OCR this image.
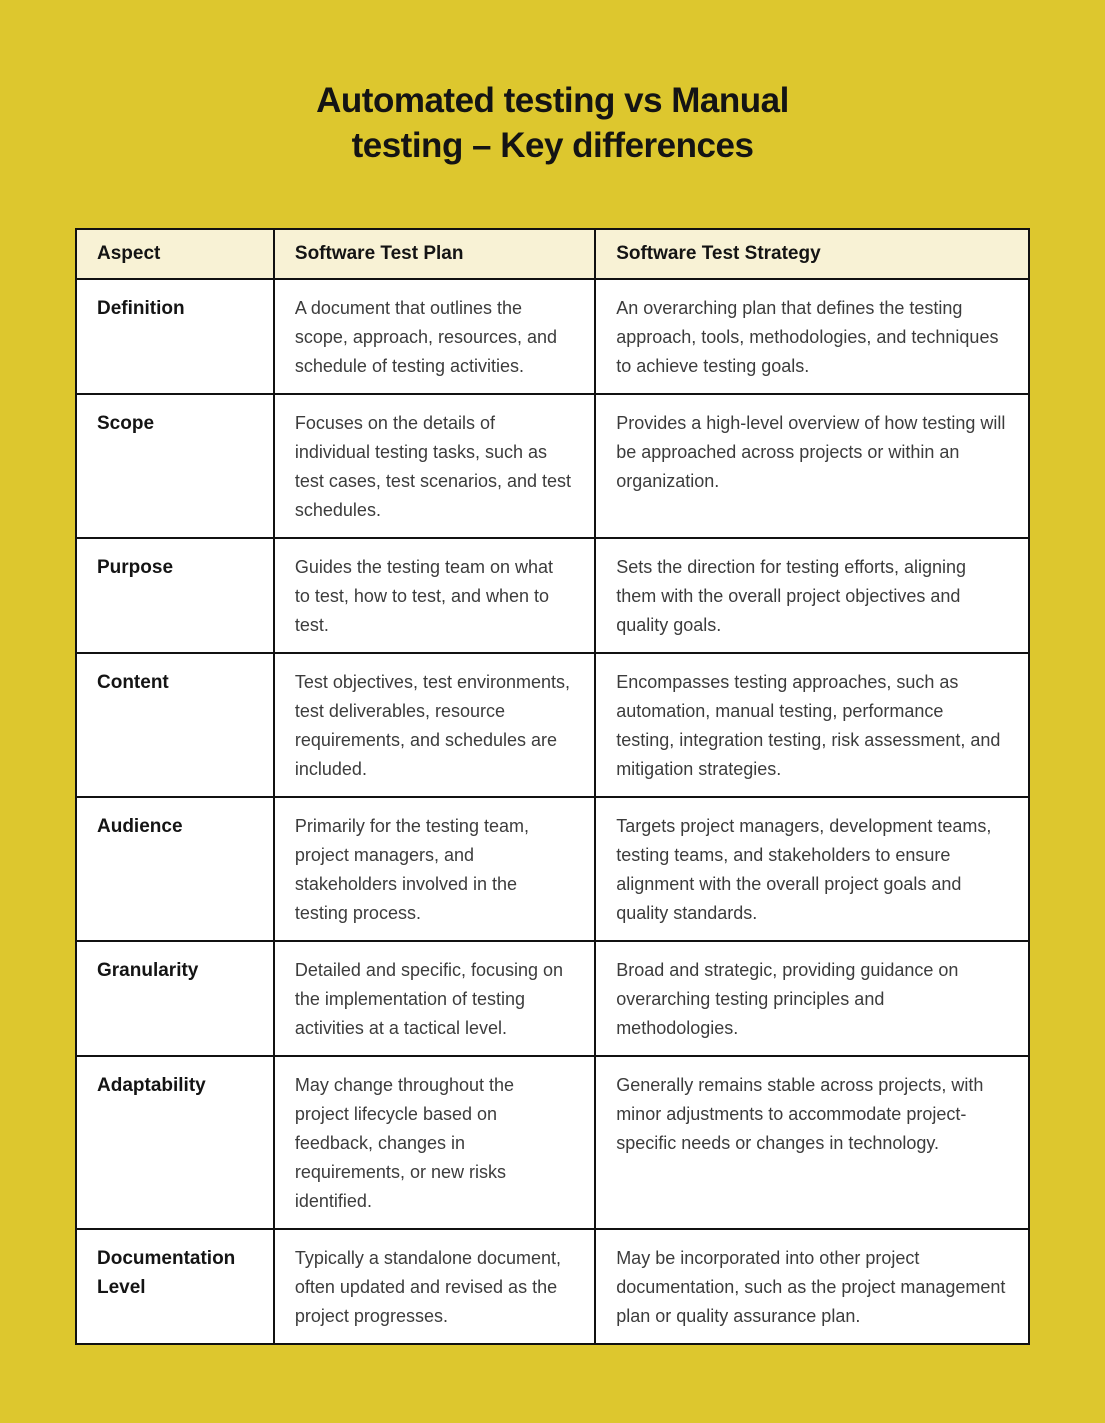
Automated testing vs Manual
testing – Key differences
Aspect	Software Test Plan	Software Test Strategy
Definition	A document that outlines the scope, approach, resources, and schedule of testing activities.	An overarching plan that defines the testing approach, tools, methodologies, and techniques to achieve testing goals.
Scope	Focuses on the details of individual testing tasks, such as test cases, test scenarios, and test schedules.	Provides a high-level overview of how testing will be approached across projects or within an organization.
Purpose	Guides the testing team on what to test, how to test, and when to test.	Sets the direction for testing efforts, aligning them with the overall project objectives and quality goals.
Content	Test objectives, test environments, test deliverables, resource requirements, and schedules are included.	Encompasses testing approaches, such as automation, manual testing, performance testing, integration testing, risk assessment, and mitigation strategies.
Audience	Primarily for the testing team, project managers, and stakeholders involved in the testing process.	Targets project managers, development teams, testing teams, and stakeholders to ensure alignment with the overall project goals and quality standards.
Granularity	Detailed and specific, focusing on the implementation of testing activities at a tactical level.	Broad and strategic, providing guidance on overarching testing principles and methodologies.
Adaptability	May change throughout the project lifecycle based on feedback, changes in requirements, or new risks identified.	Generally remains stable across projects, with minor adjustments to accommodate project-specific needs or changes in technology.
Documentation Level	Typically a standalone document, often updated and revised as the project progresses.	May be incorporated into other project documentation, such as the project management plan or quality assurance plan.
